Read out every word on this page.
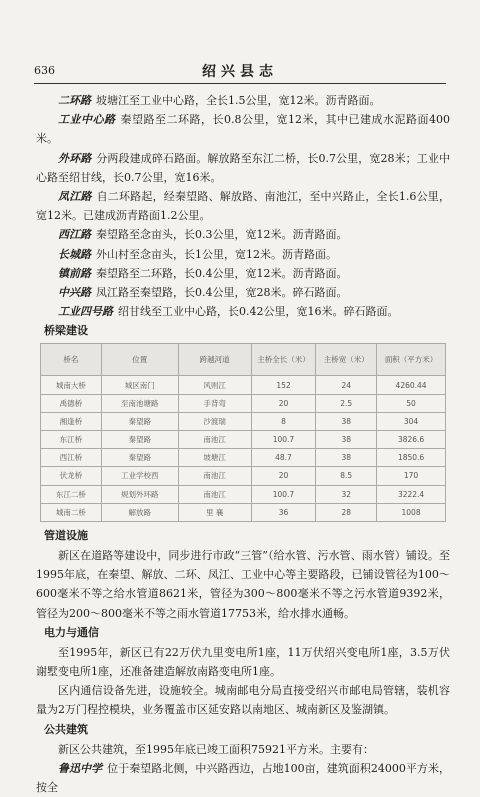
636	绍兴县志

二环路 坡塘江至工业中心路，全长1.5公里，宽12米。沥青路面。

工业中心路 秦望路至二环路，长0.8公里，宽12米，其中已建成水泥路面400米。

外环路 分两段建成碎石路面。解放路至东江二桥，长0.7公里，宽28米；工业中心路至绍甘线，长0.7公里，宽16米。

凤江路 自二环路起，经秦望路、解放路、南池江，至中兴路止，全长1.6公里，宽12米。已建成沥青路面1.2公里。

西江路 秦望路至念亩头，长0.3公里，宽12米。沥青路面。

长城路 外山村至念亩头，长1公里，宽12米。沥青路面。

镇前路 秦望路至二环路，长0.4公里，宽12米。沥青路面。

中兴路 凤江路至秦望路，长0.4公里，宽28米。碎石路面。

工业四号路 绍甘线至工业中心路，长0.42公里，宽16米。碎石路面。

桥梁建设
桥名	位置	跨越河道	主桥全长（米）	主桥宽（米）	面积（平方米）
城南大桥	城区南门	风则江	152	24	4260.44
禹德桥	至南池塘路	手背弯	20	2.5	50
湘逢桥	秦望路	沙渡瑞	8	38	304
东江桥	秦望路	南池江	100.7	38	3826.6
西江桥	秦望路	坡塘江	48.7	38	1850.6
伏龙桥	工业学校西	南池江	20	8.5	170
东江二桥	规划外环路	南池江	100.7	32	3222.4
城南二桥	解放路	里 襄	36	28	1008
管道设施

新区在道路等建设中，同步进行市政“三管”（给水管、污水管、雨水管）铺设。至1995年底，在秦望、解放、二环、凤江、工业中心等主要路段，已铺设管径为100～600毫米不等之给水管道8621米，管径为300～800毫米不等之污水管道9392米，管径为200～800毫米不等之雨水管道17753米，给水排水通畅。

电力与通信

至1995年，新区已有22万伏九里变电所1座，11万伏绍兴变电所1座，3.5万伏谢墅变电所1座，还准备建造解放南路变电所1座。

区内通信设备先进，设施较全。城南邮电分局直接受绍兴市邮电局管辖，装机容量为2万门程控模块，业务覆盖市区延安路以南地区、城南新区及鉴湖镇。

公共建筑

新区公共建筑，至1995年底已竣工面积75921平方米。主要有：

鲁迅中学 位于秦望路北侧，中兴路西边，占地100亩，建筑面积24000平方米，按全
